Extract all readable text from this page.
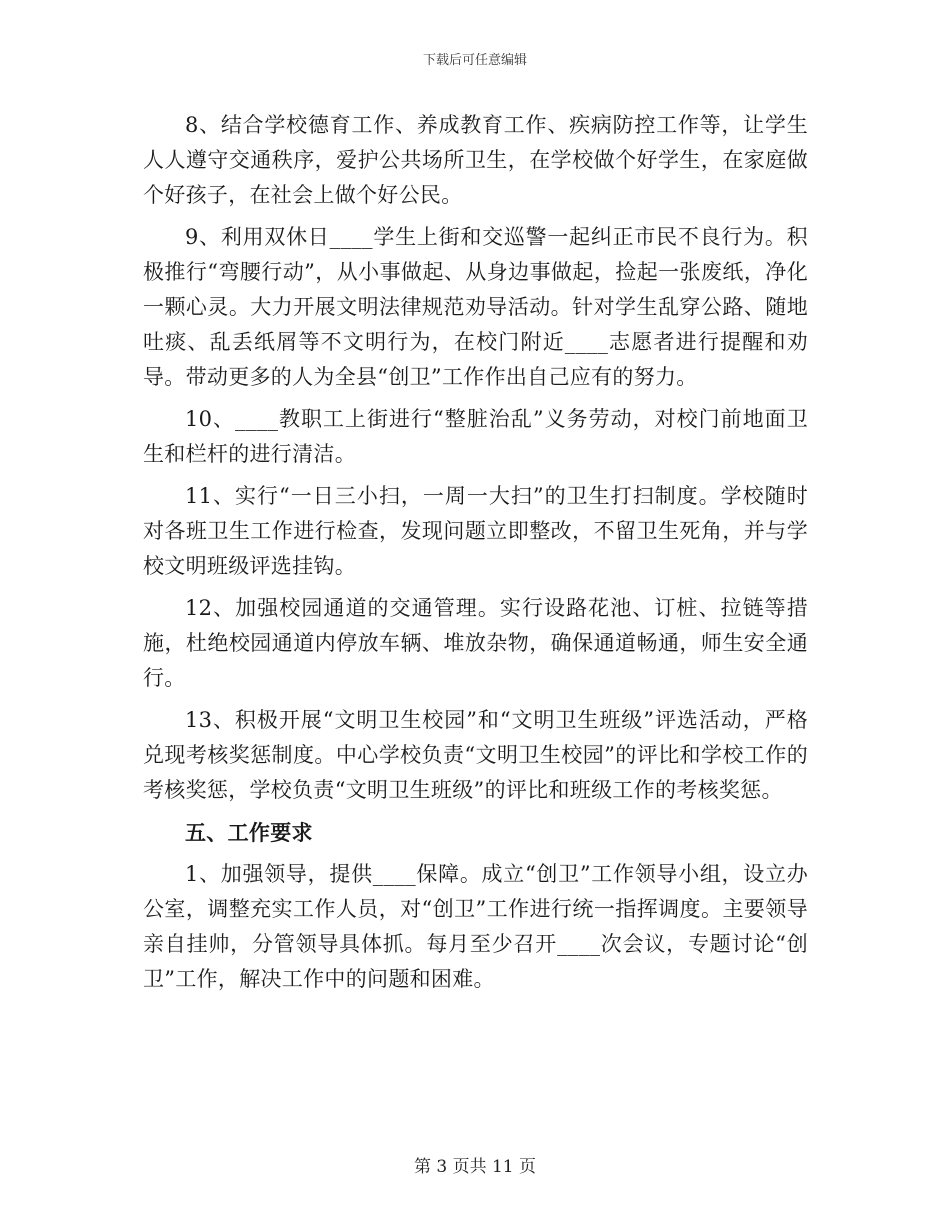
下载后可任意编辑

8、结合学校德育工作、养成教育工作、疾病防控工作等，让学生人人遵守交通秩序，爱护公共场所卫生，在学校做个好学生，在家庭做个好孩子，在社会上做个好公民。

9、利用双休日____学生上街和交巡警一起纠正市民不良行为。积极推行“弯腰行动”，从小事做起、从身边事做起，捡起一张废纸，净化一颗心灵。大力开展文明法律规范劝导活动。针对学生乱穿公路、随地吐痰、乱丢纸屑等不文明行为，在校门附近____志愿者进行提醒和劝导。带动更多的人为全县“创卫”工作作出自己应有的努力。

10、____教职工上街进行“整脏治乱”义务劳动，对校门前地面卫生和栏杆的进行清洁。

11、实行“一日三小扫，一周一大扫”的卫生打扫制度。学校随时对各班卫生工作进行检查，发现问题立即整改，不留卫生死角，并与学校文明班级评选挂钩。

12、加强校园通道的交通管理。实行设路花池、订桩、拉链等措施，杜绝校园通道内停放车辆、堆放杂物，确保通道畅通，师生安全通行。

13、积极开展“文明卫生校园”和“文明卫生班级”评选活动，严格兑现考核奖惩制度。中心学校负责“文明卫生校园”的评比和学校工作的考核奖惩，学校负责“文明卫生班级”的评比和班级工作的考核奖惩。

五、工作要求

1、加强领导，提供____保障。成立“创卫”工作领导小组，设立办公室，调整充实工作人员，对“创卫”工作进行统一指挥调度。主要领导亲自挂帅，分管领导具体抓。每月至少召开____次会议，专题讨论“创卫”工作，解决工作中的问题和困难。

第 3 页共 11 页
